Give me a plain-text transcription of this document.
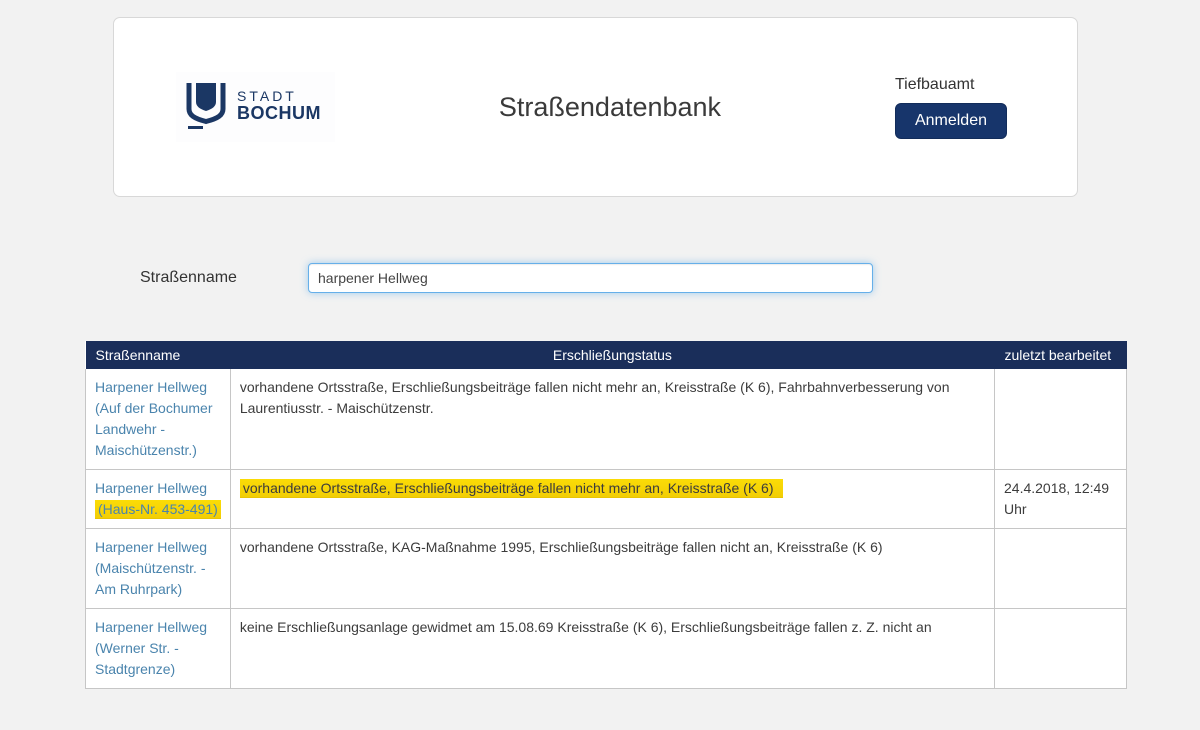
STADT
BOCHUM	Straßendatenbank
Tiefbauamt
Anmelden
Straßenname
harpener Hellweg
Straßenname	Erschließungstatus	zuletzt bearbeitet
Harpener Hellweg (Auf der Bochumer Landwehr - Maischützenstr.)	vorhandene Ortsstraße, Erschließungsbeiträge fallen nicht mehr an, Kreisstraße (K 6), Fahrbahnverbesserung von Laurentiusstr. - Maischützenstr.	
Harpener Hellweg (Haus-Nr. 453-491)	vorhandene Ortsstraße, Erschließungsbeiträge fallen nicht mehr an, Kreisstraße (K 6)	24.4.2018, 12:49 Uhr
Harpener Hellweg (Maischützenstr. - Am Ruhrpark)	vorhandene Ortsstraße, KAG-Maßnahme 1995, Erschließungsbeiträge fallen nicht an, Kreisstraße (K 6)	
Harpener Hellweg (Werner Str. - Stadtgrenze)	keine Erschließungsanlage gewidmet am 15.08.69 Kreisstraße (K 6), Erschließungsbeiträge fallen z. Z. nicht an	
